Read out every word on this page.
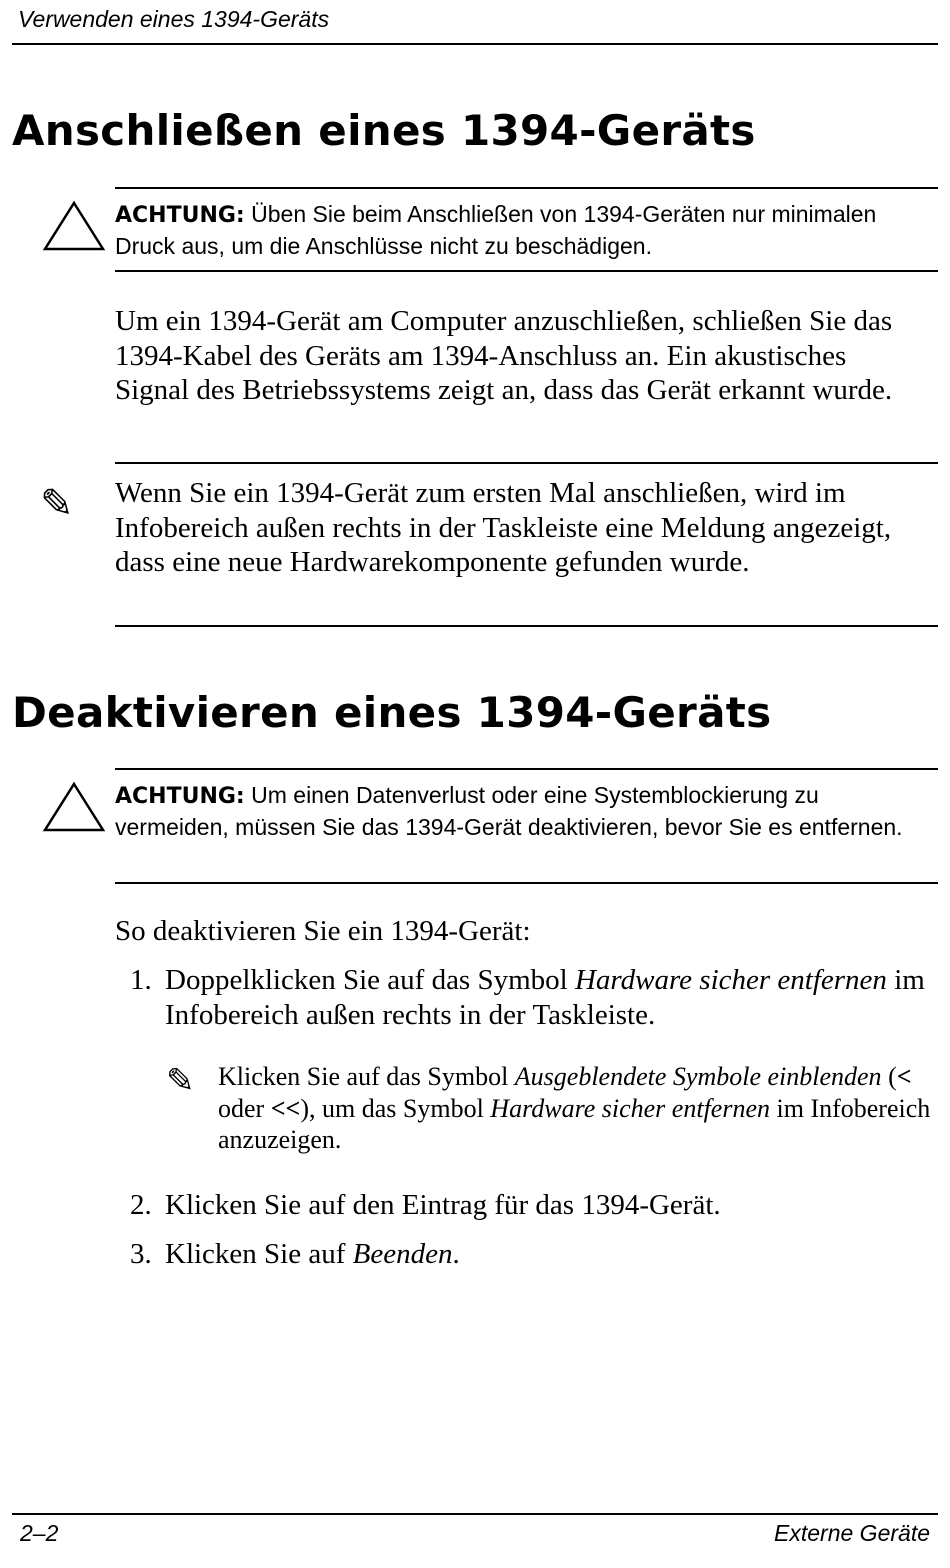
Verwenden eines 1394-Geräts
Anschließen eines 1394-Geräts
ACHTUNG: Üben Sie beim Anschließen von 1394-Geräten nur minimalen Druck aus, um die Anschlüsse nicht zu beschädigen.
Um ein 1394-Gerät am Computer anzuschließen, schließen Sie das 1394-Kabel des Geräts am 1394-Anschluss an. Ein akustisches Signal des Betriebssystems zeigt an, dass das Gerät erkannt wurde.
✎ Wenn Sie ein 1394-Gerät zum ersten Mal anschließen, wird im Infobereich außen rechts in der Taskleiste eine Meldung angezeigt, dass eine neue Hardwarekomponente gefunden wurde.
Deaktivieren eines 1394-Geräts
ACHTUNG: Um einen Datenverlust oder eine Systemblockierung zu vermeiden, müssen Sie das 1394-Gerät deaktivieren, bevor Sie es entfernen.
So deaktivieren Sie ein 1394-Gerät:
1. Doppelklicken Sie auf das Symbol Hardware sicher entfernen im Infobereich außen rechts in der Taskleiste.
✎ Klicken Sie auf das Symbol Ausgeblendete Symbole einblenden (< oder <<), um das Symbol Hardware sicher entfernen im Infobereich anzuzeigen.
2. Klicken Sie auf den Eintrag für das 1394-Gerät.
3. Klicken Sie auf Beenden.
2–2	Externe Geräte
